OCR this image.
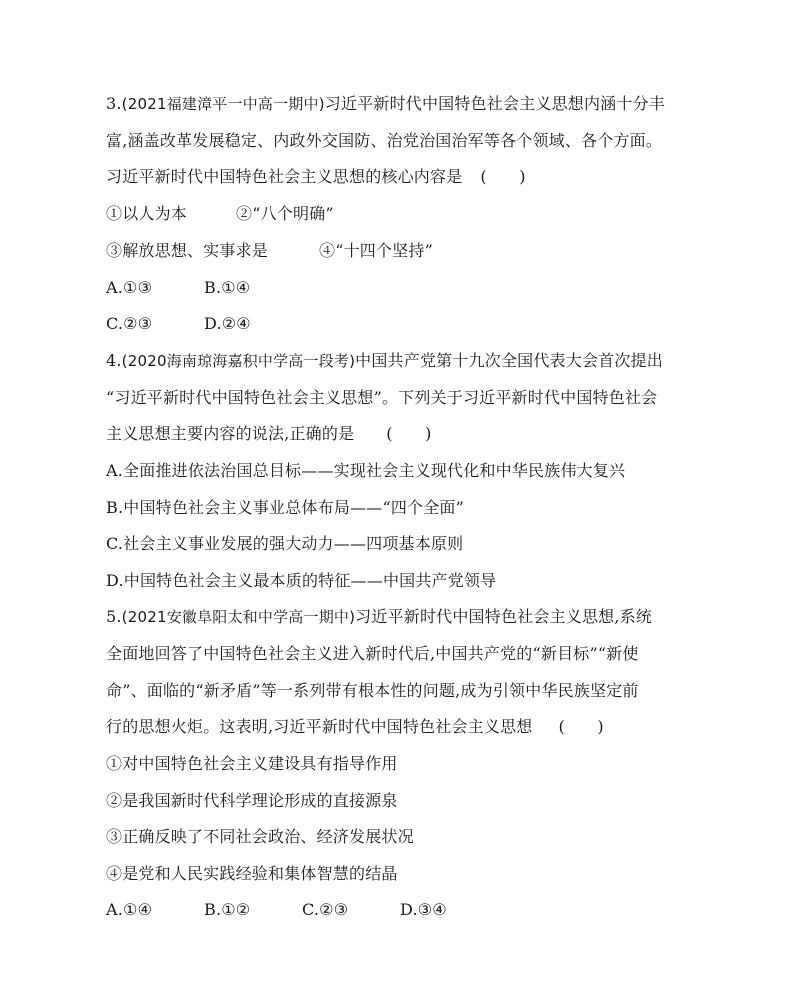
3.(2021福建漳平一中高一期中)习近平新时代中国特色社会主义思想内涵十分丰
富,涵盖改革发展稳定、内政外交国防、治党治国治军等各个领域、各个方面。
习近平新时代中国特色社会主义思想的核心内容是 (　　)
①以人为本	②“八个明确”
③解放思想、实事求是	④“十四个坚持”
A.①③	B.①④
C.②③	D.②④
4.(2020海南琼海嘉积中学高一段考)中国共产党第十九次全国代表大会首次提出
“习近平新时代中国特色社会主义思想”。下列关于习近平新时代中国特色社会
主义思想主要内容的说法,正确的是 (　　)
A.全面推进依法治国总目标——实现社会主义现代化和中华民族伟大复兴
B.中国特色社会主义事业总体布局——“四个全面”
C.社会主义事业发展的强大动力——四项基本原则
D.中国特色社会主义最本质的特征——中国共产党领导
5.(2021安徽阜阳太和中学高一期中)习近平新时代中国特色社会主义思想,系统
全面地回答了中国特色社会主义进入新时代后,中国共产党的“新目标”“新使
命”、面临的“新矛盾”等一系列带有根本性的问题,成为引领中华民族坚定前
行的思想火炬。这表明,习近平新时代中国特色社会主义思想 (　　)
①对中国特色社会主义建设具有指导作用
②是我国新时代科学理论形成的直接源泉
③正确反映了不同社会政治、经济发展状况
④是党和人民实践经验和集体智慧的结晶
A.①④	B.①②	C.②③	D.③④
